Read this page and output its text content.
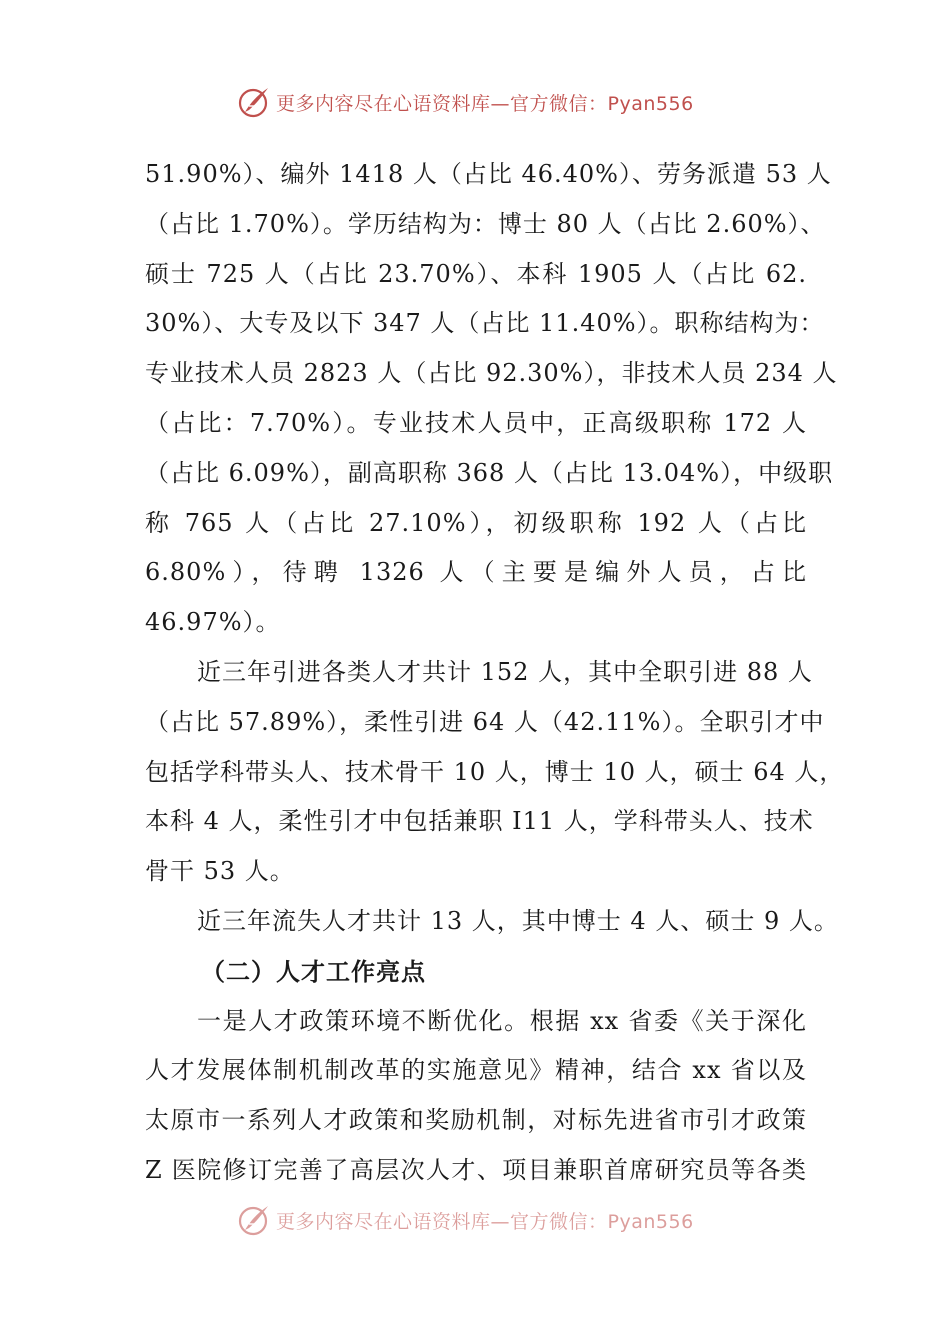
更多内容尽在心语资料库—官方微信：Pyan556
51.90%）、编外 1418 人（占比 46.40%）、劳务派遣 53 人
（占比 1.70%）。学历结构为：博士 80 人（占比 2.60%）、
硕士 725 人（占比 23.70%）、本科 1905 人（占比 62.
30%）、大专及以下 347 人（占比 11.40%）。职称结构为：
专业技术人员 2823 人（占比 92.30%），非技术人员 234 人
（占比：7.70%）。专业技术人员中，正高级职称 172 人
（占比 6.09%），副高职称 368 人（占比 13.04%），中级职
称 765 人（占比 27.10%），初级职称 192 人（占比
6.80%），待聘 1326 人（主要是编外人员，占比
46.97%）。
近三年引进各类人才共计 152 人，其中全职引进 88 人
（占比 57.89%），柔性引进 64 人（42.11%）。全职引才中
包括学科带头人、技术骨干 10 人，博士 10 人，硕士 64 人，
本科 4 人，柔性引才中包括兼职 I11 人，学科带头人、技术
骨干 53 人。
近三年流失人才共计 13 人，其中博士 4 人、硕士 9 人。
（二）人才工作亮点
一是人才政策环境不断优化。根据 xx 省委《关于深化
人才发展体制机制改革的实施意见》精神，结合 xx 省以及
太原市一系列人才政策和奖励机制，对标先进省市引才政策
Z 医院修订完善了高层次人才、项目兼职首席研究员等各类
更多内容尽在心语资料库—官方微信：Pyan556
